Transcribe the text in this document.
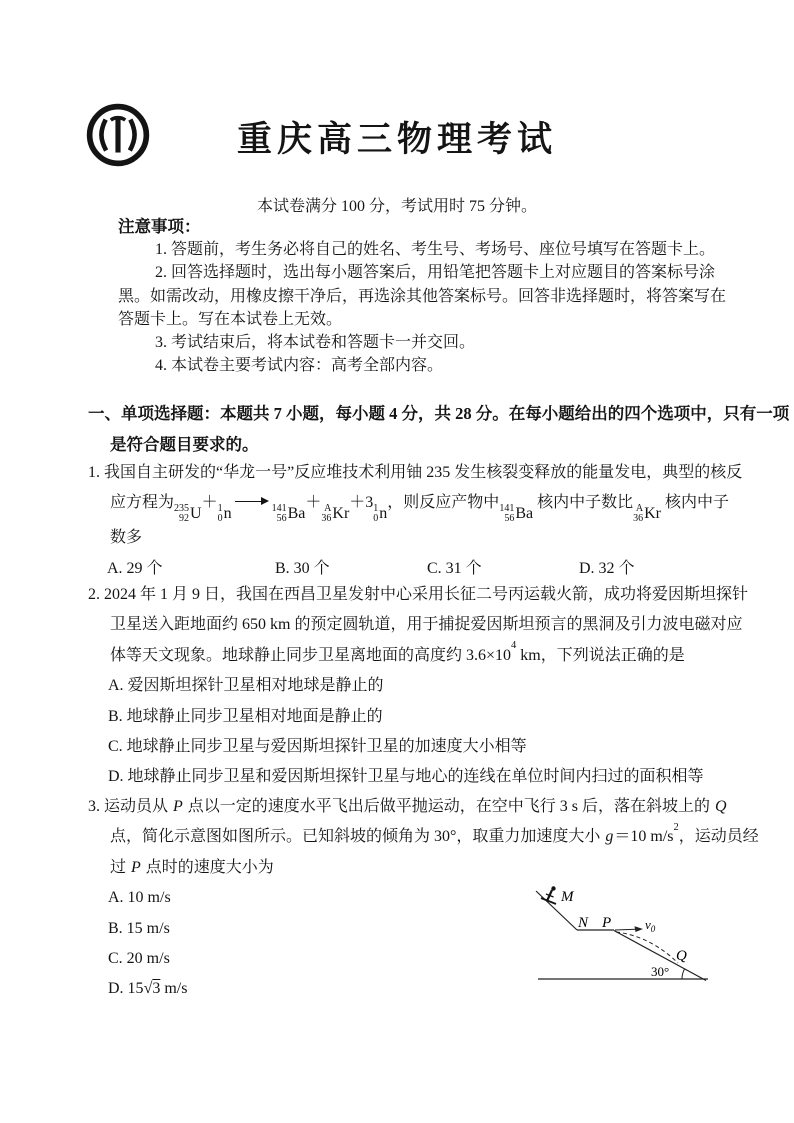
重庆高三物理考试
本试卷满分 100 分，考试用时 75 分钟。
注意事项：
1. 答题前，考生务必将自己的姓名、考生号、考场号、座位号填写在答题卡上。
2. 回答选择题时，选出每小题答案后，用铅笔把答题卡上对应题目的答案标号涂
黑。如需改动，用橡皮擦干净后，再选涂其他答案标号。回答非选择题时，将答案写在
答题卡上。写在本试卷上无效。
3. 考试结束后，将本试卷和答题卡一并交回。
4. 本试卷主要考试内容：高考全部内容。
一、单项选择题：本题共 7 小题，每小题 4 分，共 28 分。在每小题给出的四个选项中，只有一项
是符合题目要求的。
1. 我国自主研发的“华龙一号”反应堆技术利用铀 235 发生核裂变释放的能量发电，典型的核反
应方程为 235
92 U
＋ 1
0 n	141
56 Ba
＋ A
36 Kr
＋3 1
0 n
，则反应产物中 141
56 Ba
核内中子数比 A
36 Kr
核内中子
数多
A. 29 个	B. 30 个	C. 31 个	D. 32 个
2. 2024 年 1 月 9 日，我国在西昌卫星发射中心采用长征二号丙运载火箭，成功将爱因斯坦探针
卫星送入距地面约 650 km 的预定圆轨道，用于捕捉爱因斯坦预言的黑洞及引力波电磁对应
体等天文现象。地球静止同步卫星离地面的高度约 $3.6\times 10^4$ km，下列说法正确的是
A. 爱因斯坦探针卫星相对地球是静止的
B. 地球静止同步卫星相对地面是静止的
C. 地球静止同步卫星与爱因斯坦探针卫星的加速度大小相等
D. 地球静止同步卫星和爱因斯坦探针卫星与地心的连线在单位时间内扫过的面积相等
3. 运动员从 P 点以一定的速度水平飞出后做平抛运动，在空中飞行 3 s 后，落在斜坡上的 Q
点，简化示意图如图所示。已知斜坡的倾角为 30°，取重力加速度大小 g＝10 $m/s^2$，运动员经
过 P 点时的速度大小为
A. 10 m/s
B. 15 m/s
C. 20 m/s
D. 15√3 m/s
M
N P	$v_0$
Q
30°
